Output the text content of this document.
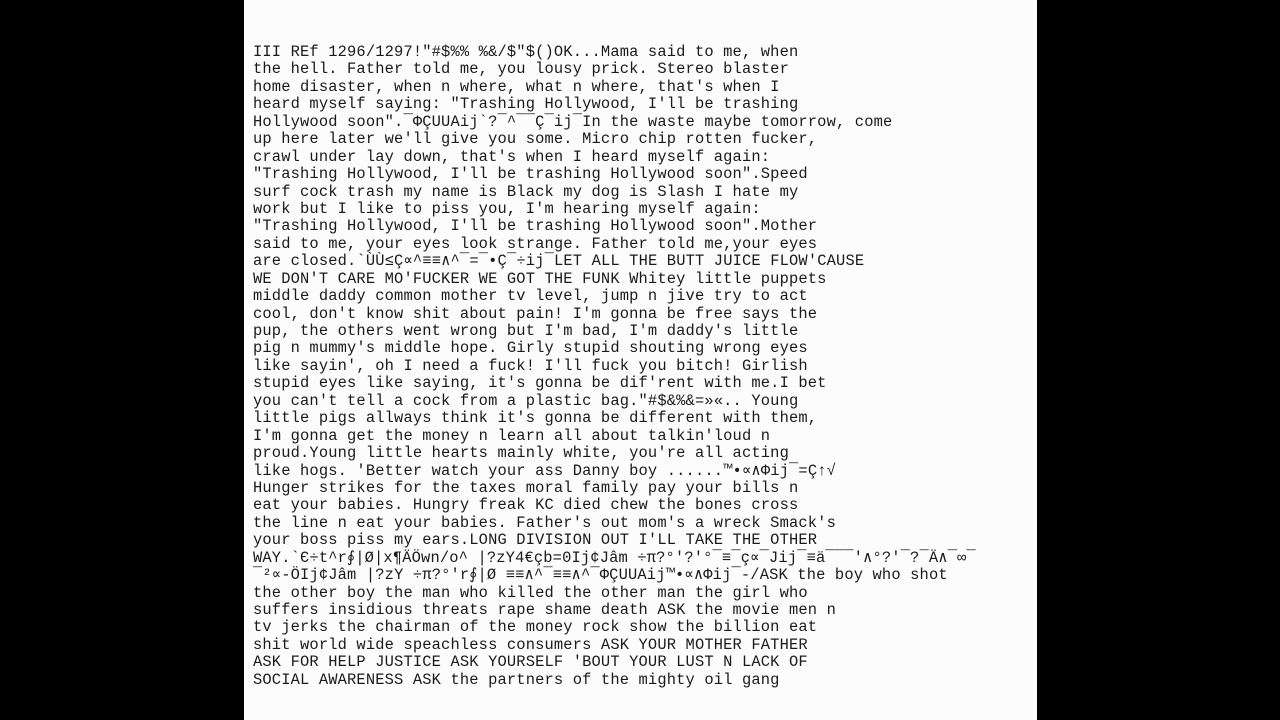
III REf 1296/1297!"#$%% %&/$"$()OK...Mama said to me, when
the hell. Father told me, you lousy prick. Stereo blaster
home disaster, when n where, what n where, that's when I
heard myself saying: "Trashing Hollywood, I'll be trashing
Hollywood soon".¯ΦÇUUAij`?¯^¯¯Ç¯ij¯In the waste maybe tomorrow, come
up here later we'll give you some. Micro chip rotten fucker,
crawl under lay down, that's when I heard myself again:
"Trashing Hollywood, I'll be trashing Hollywood soon".Speed
surf cock trash my name is Black my dog is Slash I hate my
work but I like to piss you, I'm hearing myself again:
"Trashing Hollywood, I'll be trashing Hollywood soon".Mother
said to me, your eyes look strange. Father told me,your eyes
are closed.`ÙÙ≤Ç∝^≡≡∧^¯=¯•Ç¯÷ij¯LET ALL THE BUTT JUICE FLOW'CAUSE
WE DON'T CARE MO'FUCKER WE GOT THE FUNK Whitey little puppets
middle daddy common mother tv level, jump n jive try to act
cool, don't know shit about pain! I'm gonna be free says the
pup, the others went wrong but I'm bad, I'm daddy's little
pig n mummy's middle hope. Girly stupid shouting wrong eyes
like sayin', oh I need a fuck! I'll fuck you bitch! Girlish
stupid eyes like saying, it's gonna be dif'rent with me.I bet
you can't tell a cock from a plastic bag."#$&%&=»«.. Young
little pigs allways think it's gonna be different with them,
I'm gonna get the money n learn all about talkin'loud n
proud.Young little hearts mainly white, you're all acting
like hogs. 'Better watch your ass Danny boy ......™•∝∧Φij¯=Ç↑√
Hunger strikes for the taxes moral family pay your bills n
eat your babies. Hungry freak KC died chew the bones cross
the line n eat your babies. Father's out mom's a wreck Smack's
your boss piss my ears.LONG DIVISION OUT I'LL TAKE THE OTHER
WAY.`Є÷t^r∮|Ø|x¶ÄÖwn/o^ |?zY4€çb=0Ij¢Jâm ÷π?°'?'°¯≡¯ç∝¯Jij¯≡ä¯¯¯'∧°?'¯?¯Ä∧¯∞¯
¯²∝-ÖIj¢Jâm |?zY ÷π?°'r∮|Ø ≡≡∧^¯≡≡∧^¯ΦÇUUAij™•∝∧Φij¯-/ASK the boy who shot
the other boy the man who killed the other man the girl who
suffers insidious threats rape shame death ASK the movie men n
tv jerks the chairman of the money rock show the billion eat
shit world wide speachless consumers ASK YOUR MOTHER FATHER
ASK FOR HELP JUSTICE ASK YOURSELF 'BOUT YOUR LUST N LACK OF
SOCIAL AWARENESS ASK the partners of the mighty oil gang
